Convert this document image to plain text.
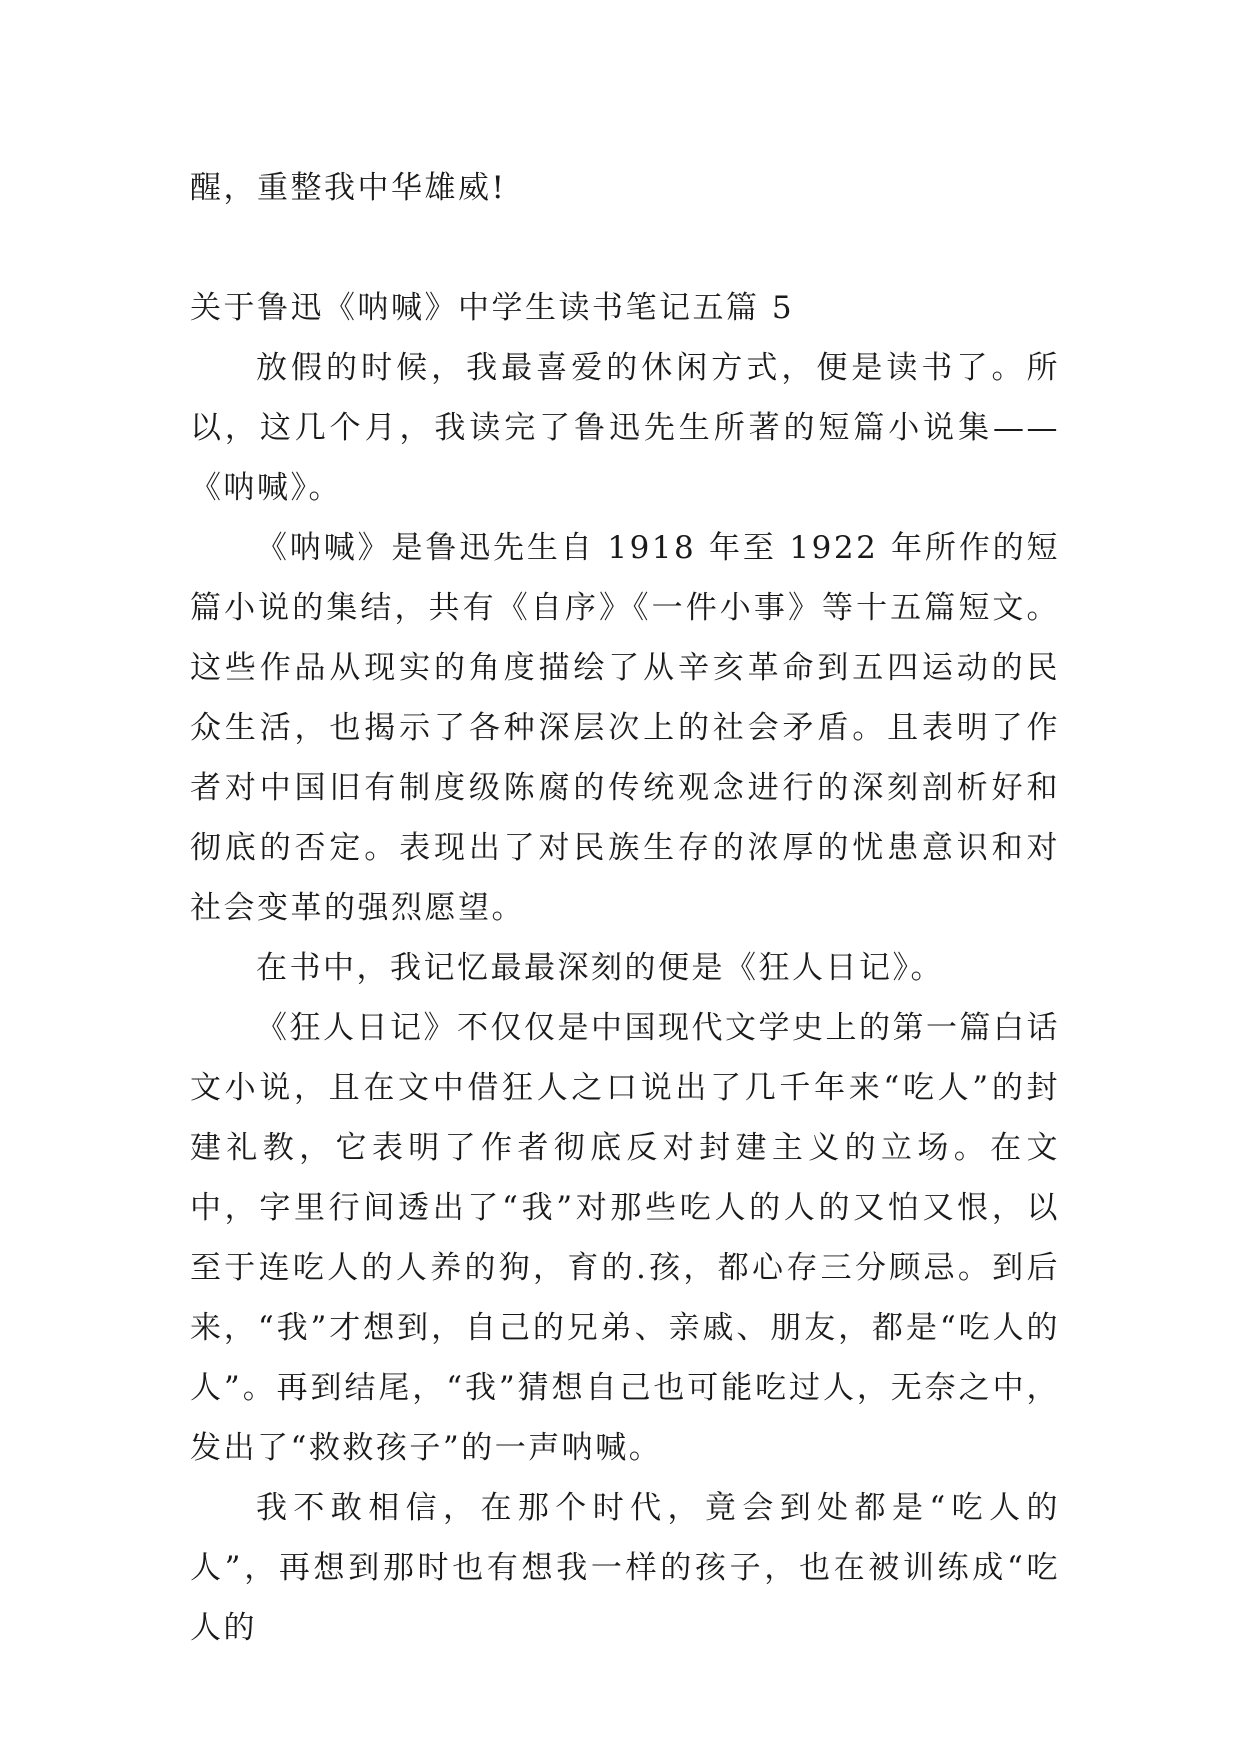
醒，重整我中华雄威!

关于鲁迅《呐喊》中学生读书笔记五篇 5

放假的时候，我最喜爱的休闲方式，便是读书了。所以，这几个月，我读完了鲁迅先生所著的短篇小说集——《呐喊》。

《呐喊》是鲁迅先生自 1918 年至 1922 年所作的短篇小说的集结，共有《自序》《一件小事》等十五篇短文。这些作品从现实的角度描绘了从辛亥革命到五四运动的民众生活，也揭示了各种深层次上的社会矛盾。且表明了作者对中国旧有制度级陈腐的传统观念进行的深刻剖析好和彻底的否定。表现出了对民族生存的浓厚的忧患意识和对社会变革的强烈愿望。

在书中，我记忆最最深刻的便是《狂人日记》。

《狂人日记》不仅仅是中国现代文学史上的第一篇白话文小说，且在文中借狂人之口说出了几千年来“吃人”的封建礼教，它表明了作者彻底反对封建主义的立场。在文中，字里行间透出了“我”对那些吃人的人的又怕又恨，以至于连吃人的人养的狗，育的.孩，都心存三分顾忌。到后来，“我”才想到，自己的兄弟、亲戚、朋友，都是“吃人的人”。再到结尾，“我”猜想自己也可能吃过人，无奈之中，发出了“救救孩子”的一声呐喊。

我不敢相信，在那个时代，竟会到处都是“吃人的人”，再想到那时也有想我一样的孩子，也在被训练成“吃人的
